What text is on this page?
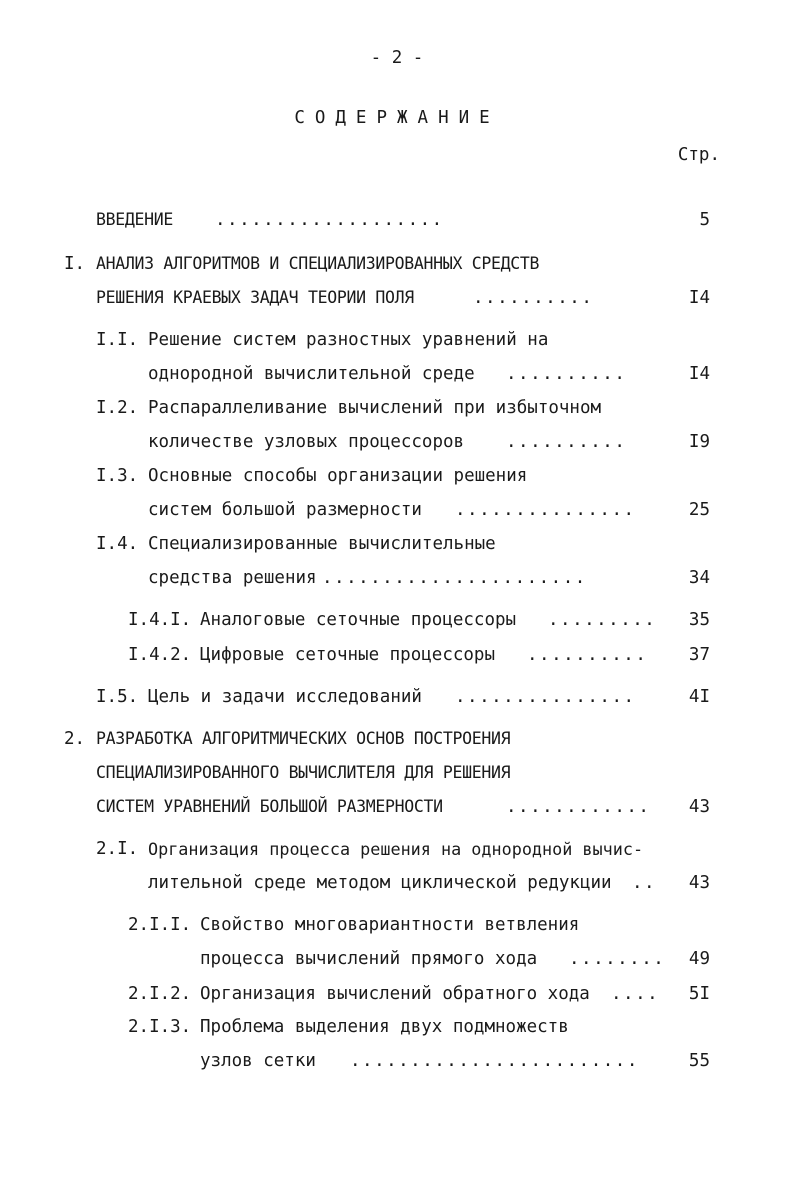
- 2 -
СОДЕРЖАНИЕ
Стр.
ВВЕДЕНИЕ ...................	5
I. АНАЛИЗ АЛГОРИТМОВ И СПЕЦИАЛИЗИРОВАННЫХ СРЕДСТВ
РЕШЕНИЯ КРАЕВЫХ ЗАДАЧ ТЕОРИИ ПОЛЯ	..........	I4
I.I. Решение систем разностных уравнений на
однородной вычислительной среде ..........	I4
I.2. Распараллеливание вычислений при избыточном
количестве узловых процессоров ..........	I9
I.3. Основные способы организации решения
систем большой размерности ...............	25
I.4. Специализированные вычислительные
средства решения ......................	34
I.4.I. Аналоговые сеточные процессоры .........	35
I.4.2. Цифровые сеточные процессоры ..........	37
I.5. Цель и задачи исследований ...............	4I
2. РАЗРАБОТКА АЛГОРИТМИЧЕСКИХ ОСНОВ ПОСТРОЕНИЯ
СПЕЦИАЛИЗИРОВАННОГО ВЫЧИСЛИТЕЛЯ ДЛЯ РЕШЕНИЯ
СИСТЕМ УРАВНЕНИЙ БОЛЬШОЙ РАЗМЕРНОСТИ	............	43
2.I. Организация процесса решения на однородной вычис-
лительной среде методом циклической редукции ..	43
2.I.I. Свойство многовариантности ветвления
процесса вычислений прямого хода ........	49
2.I.2. Организация вычислений обратного хода ....	5I
2.I.3. Проблема выделения двух подмножеств
узлов сетки ........................	55
